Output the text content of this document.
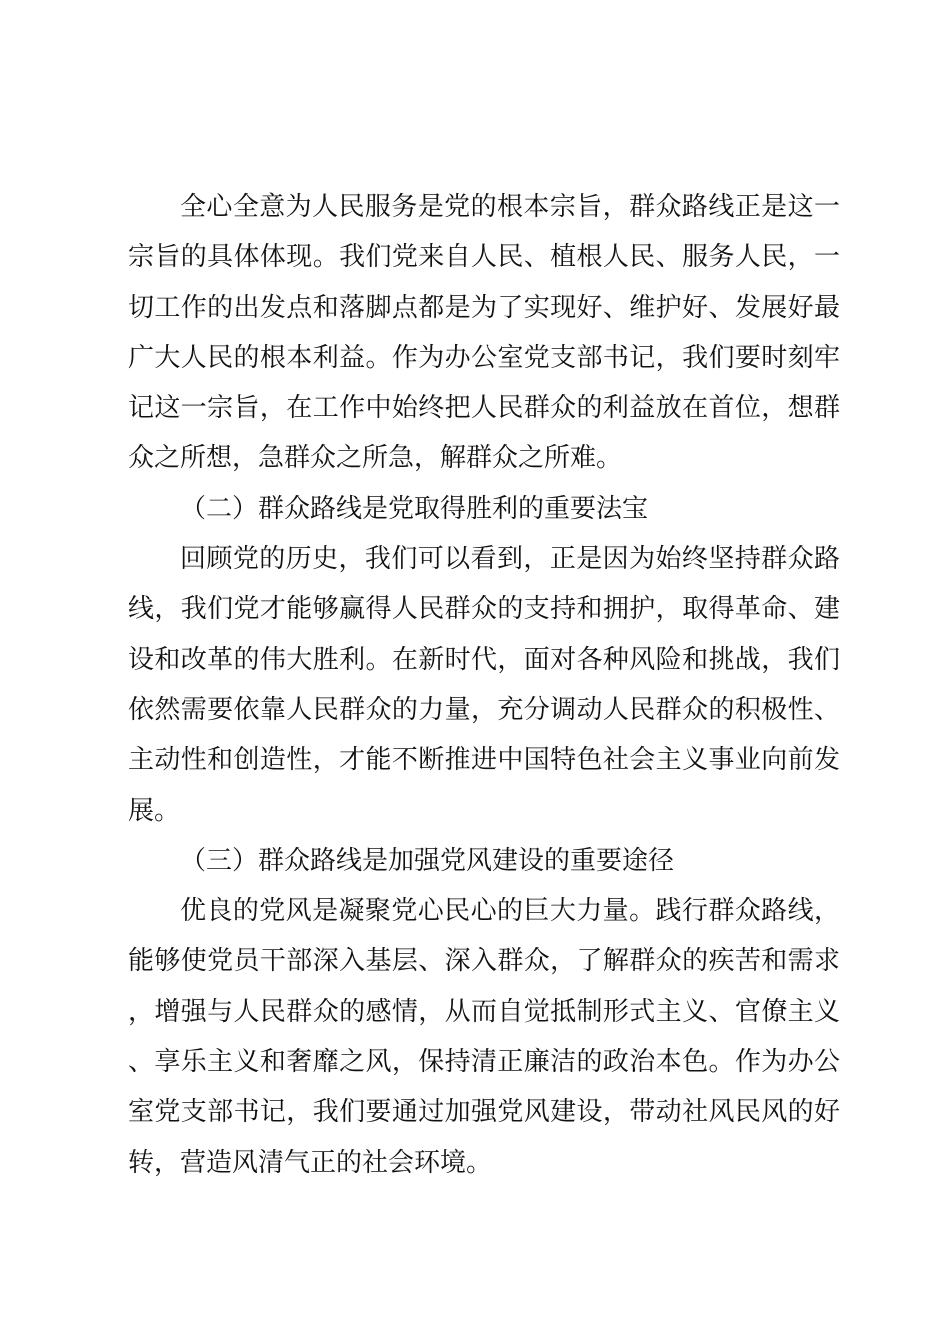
全心全意为人民服务是党的根本宗旨，群众路线正是这一宗旨的具体体现。我们党来自人民、植根人民、服务人民，一切工作的出发点和落脚点都是为了实现好、维护好、发展好最广大人民的根本利益。作为办公室党支部书记，我们要时刻牢记这一宗旨，在工作中始终把人民群众的利益放在首位，想群众之所想，急群众之所急，解群众之所难。

（二）群众路线是党取得胜利的重要法宝

回顾党的历史，我们可以看到，正是因为始终坚持群众路线，我们党才能够赢得人民群众的支持和拥护，取得革命、建设和改革的伟大胜利。在新时代，面对各种风险和挑战，我们依然需要依靠人民群众的力量，充分调动人民群众的积极性、主动性和创造性，才能不断推进中国特色社会主义事业向前发展。

（三）群众路线是加强党风建设的重要途径

优良的党风是凝聚党心民心的巨大力量。践行群众路线，能够使党员干部深入基层、深入群众，了解群众的疾苦和需求，增强与人民群众的感情，从而自觉抵制形式主义、官僚主义、享乐主义和奢靡之风，保持清正廉洁的政治本色。作为办公室党支部书记，我们要通过加强党风建设，带动社风民风的好转，营造风清气正的社会环境。
